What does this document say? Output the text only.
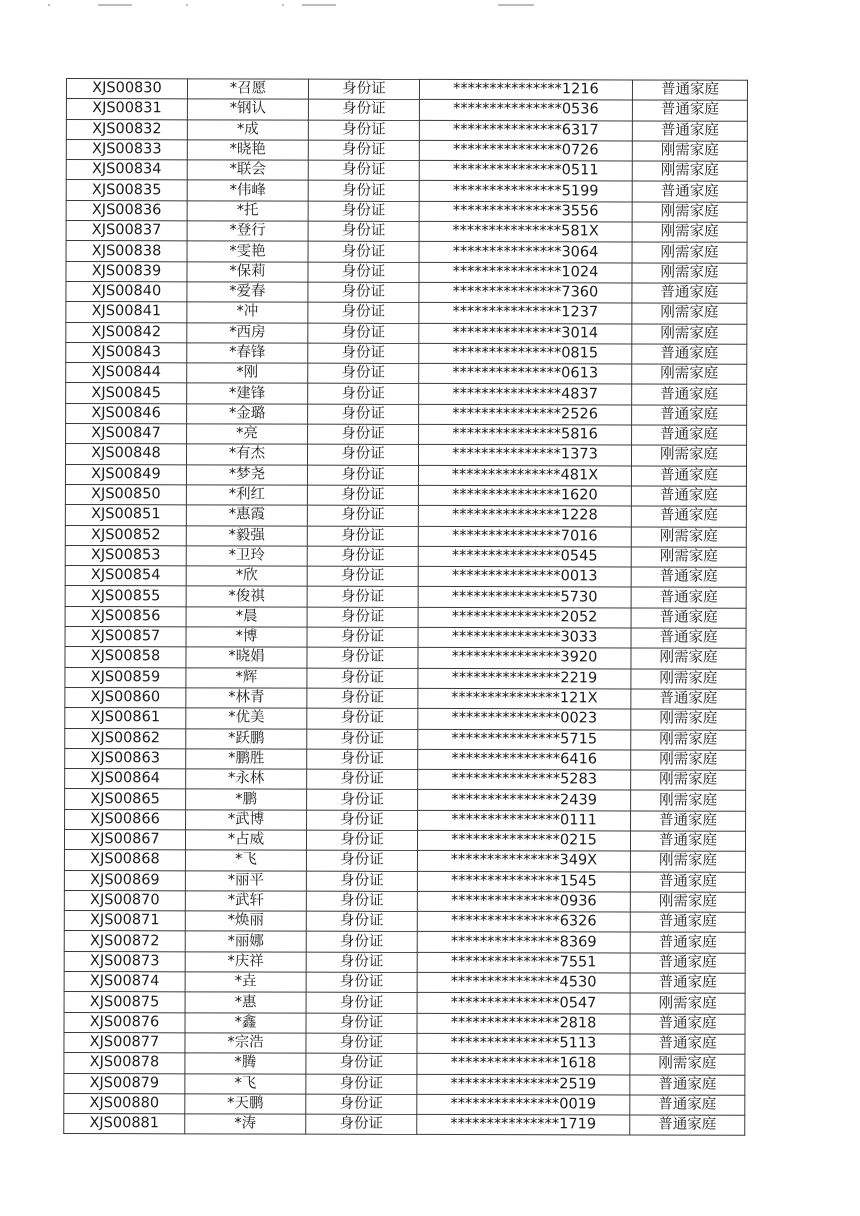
XJS00830	*召愿	身份证	***************1216	普通家庭
XJS00831	*钢认	身份证	***************0536	普通家庭
XJS00832	*成	身份证	***************6317	普通家庭
XJS00833	*晓艳	身份证	***************0726	刚需家庭
XJS00834	*联会	身份证	***************0511	刚需家庭
XJS00835	*伟峰	身份证	***************5199	普通家庭
XJS00836	*托	身份证	***************3556	刚需家庭
XJS00837	*登行	身份证	***************581X	刚需家庭
XJS00838	*雯艳	身份证	***************3064	刚需家庭
XJS00839	*保莉	身份证	***************1024	刚需家庭
XJS00840	*爱春	身份证	***************7360	普通家庭
XJS00841	*冲	身份证	***************1237	刚需家庭
XJS00842	*西房	身份证	***************3014	刚需家庭
XJS00843	*春锋	身份证	***************0815	普通家庭
XJS00844	*刚	身份证	***************0613	刚需家庭
XJS00845	*建锋	身份证	***************4837	普通家庭
XJS00846	*金璐	身份证	***************2526	普通家庭
XJS00847	*亮	身份证	***************5816	普通家庭
XJS00848	*有杰	身份证	***************1373	刚需家庭
XJS00849	*梦尧	身份证	***************481X	普通家庭
XJS00850	*利红	身份证	***************1620	普通家庭
XJS00851	*惠霞	身份证	***************1228	普通家庭
XJS00852	*毅强	身份证	***************7016	刚需家庭
XJS00853	*卫玲	身份证	***************0545	刚需家庭
XJS00854	*欣	身份证	***************0013	普通家庭
XJS00855	*俊祺	身份证	***************5730	普通家庭
XJS00856	*晨	身份证	***************2052	普通家庭
XJS00857	*博	身份证	***************3033	普通家庭
XJS00858	*晓娟	身份证	***************3920	刚需家庭
XJS00859	*辉	身份证	***************2219	刚需家庭
XJS00860	*林青	身份证	***************121X	普通家庭
XJS00861	*优美	身份证	***************0023	刚需家庭
XJS00862	*跃鹏	身份证	***************5715	刚需家庭
XJS00863	*鹏胜	身份证	***************6416	刚需家庭
XJS00864	*永林	身份证	***************5283	刚需家庭
XJS00865	*鹏	身份证	***************2439	刚需家庭
XJS00866	*武博	身份证	***************0111	普通家庭
XJS00867	*占威	身份证	***************0215	普通家庭
XJS00868	*飞	身份证	***************349X	刚需家庭
XJS00869	*丽平	身份证	***************1545	普通家庭
XJS00870	*武轩	身份证	***************0936	刚需家庭
XJS00871	*焕丽	身份证	***************6326	普通家庭
XJS00872	*丽娜	身份证	***************8369	普通家庭
XJS00873	*庆祥	身份证	***************7551	普通家庭
XJS00874	*垚	身份证	***************4530	普通家庭
XJS00875	*惠	身份证	***************0547	刚需家庭
XJS00876	*鑫	身份证	***************2818	普通家庭
XJS00877	*宗浩	身份证	***************5113	普通家庭
XJS00878	*腾	身份证	***************1618	刚需家庭
XJS00879	*飞	身份证	***************2519	普通家庭
XJS00880	*天鹏	身份证	***************0019	普通家庭
XJS00881	*涛	身份证	***************1719	普通家庭
